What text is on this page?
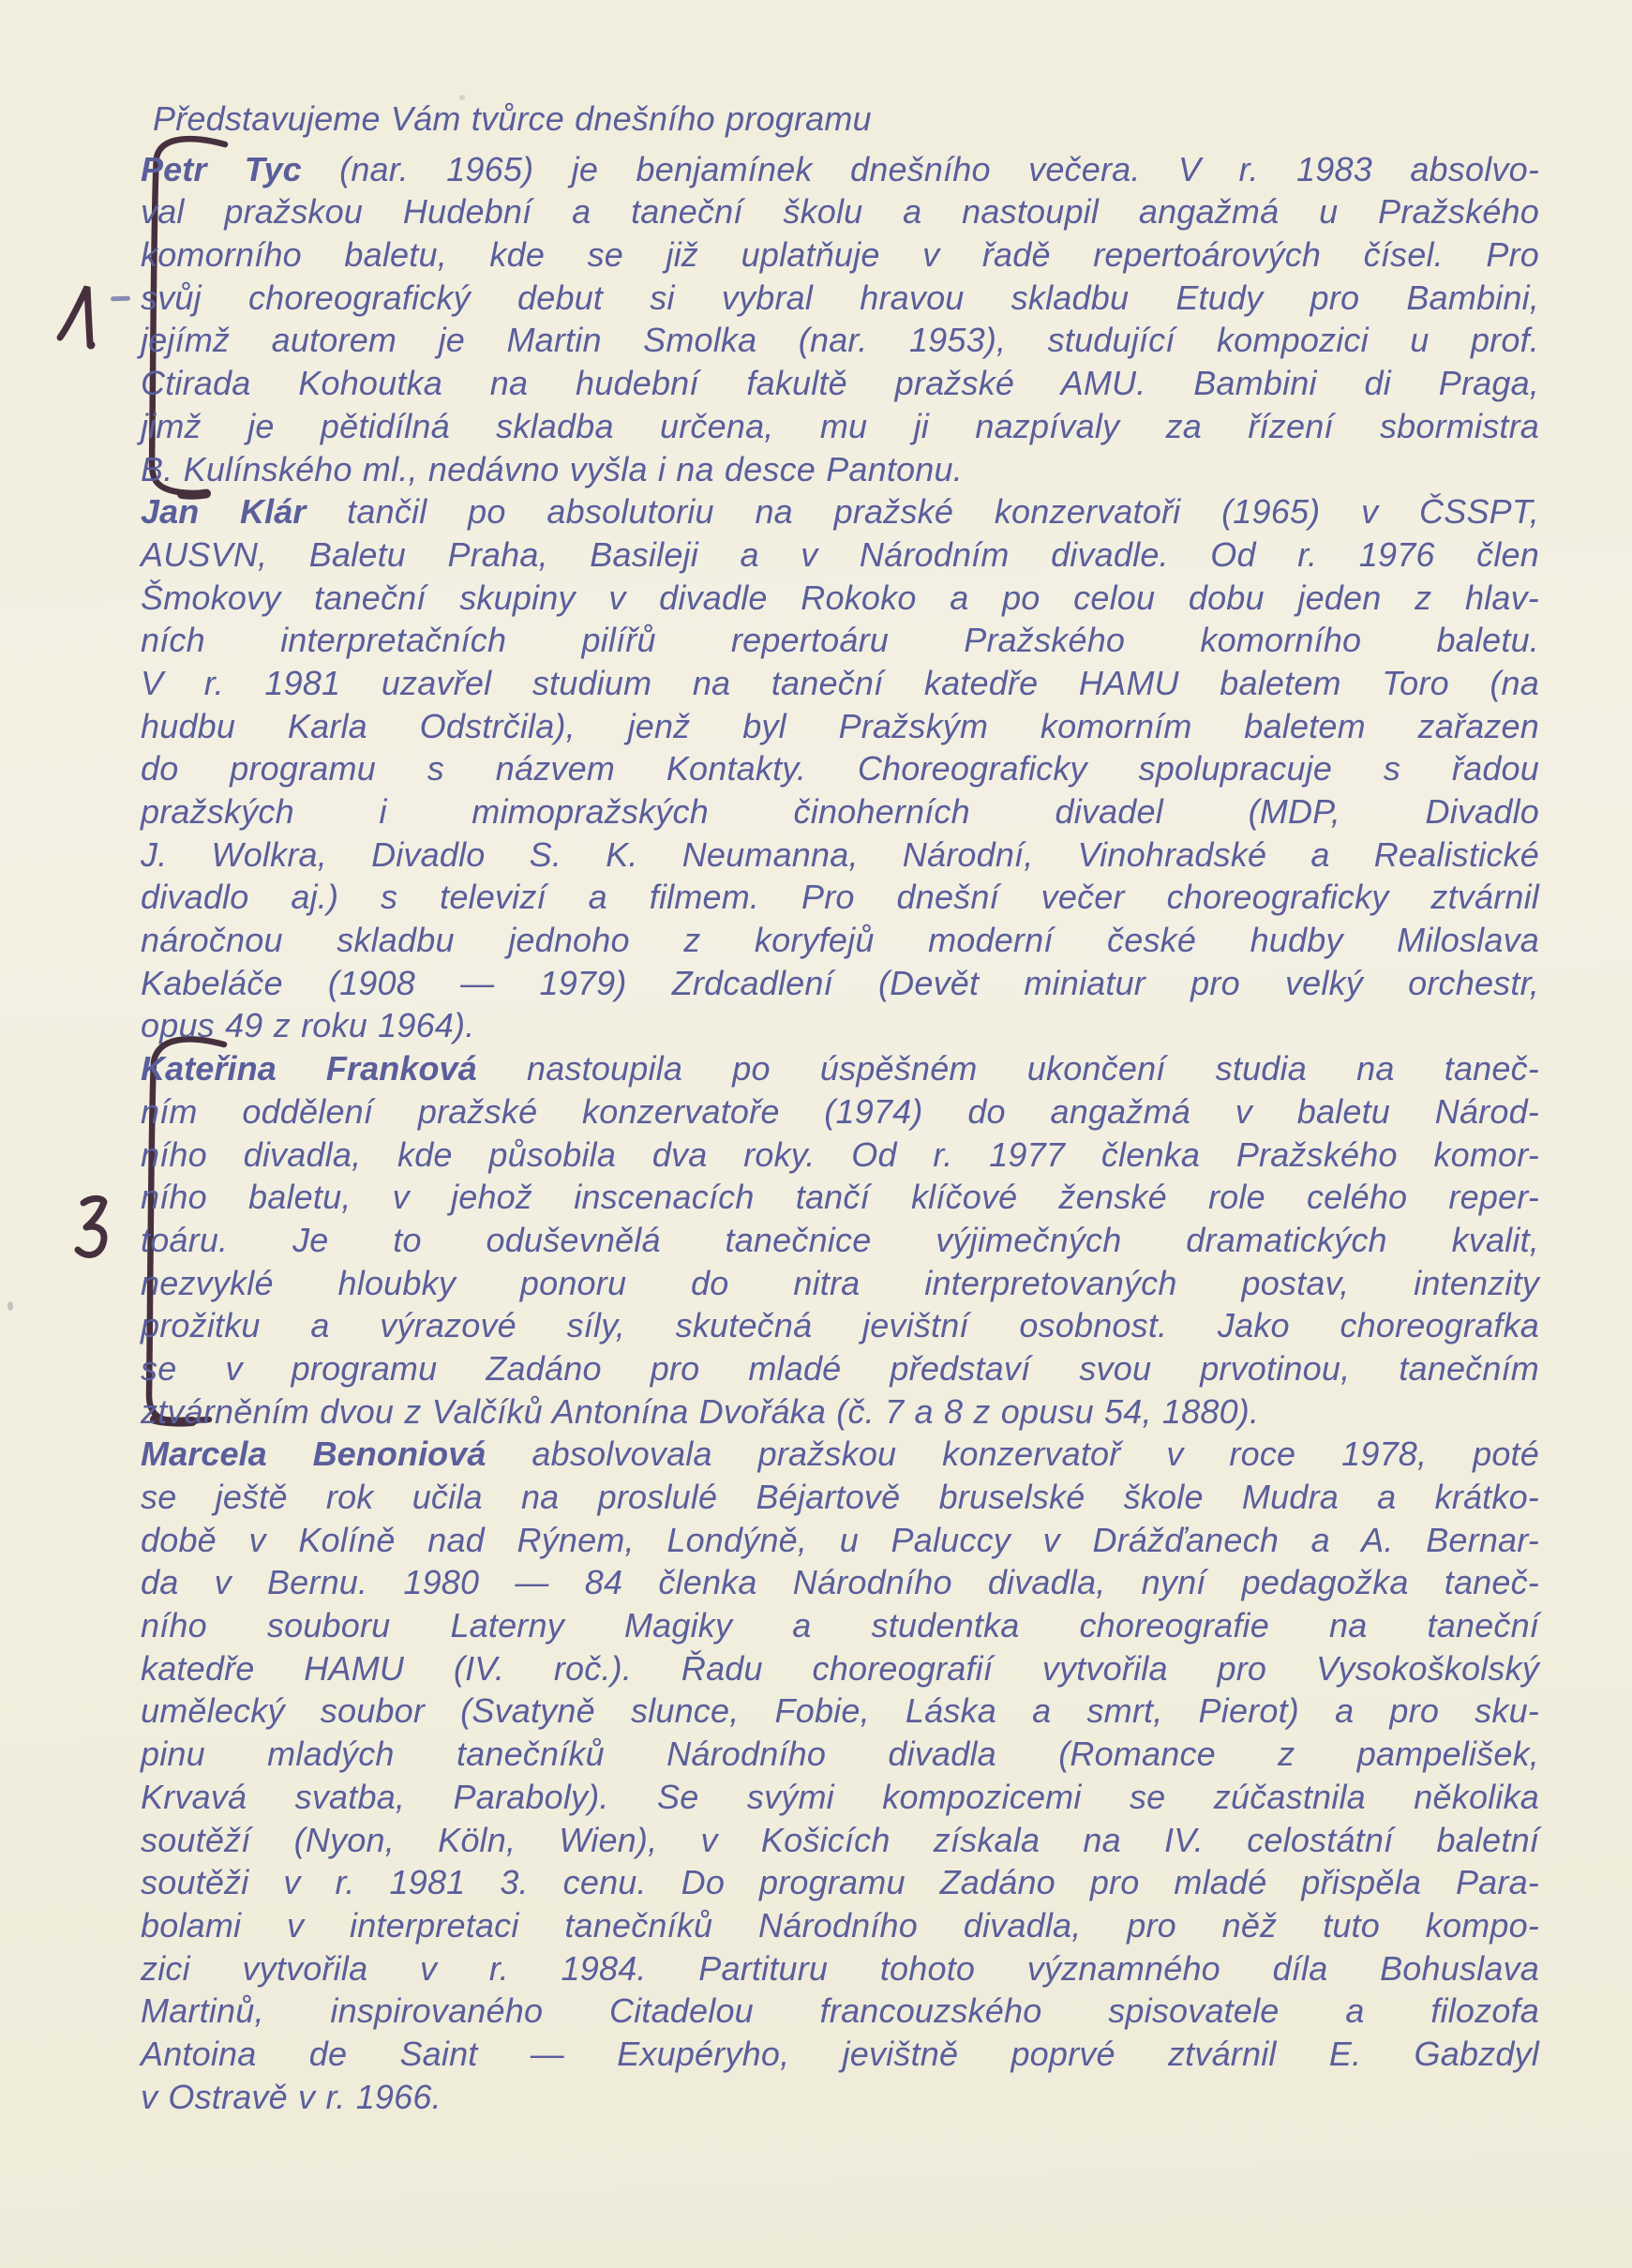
Představujeme Vám tvůrce dnešního programu
Petr Tyc (nar. 1965) je benjamínek dnešního večera. V r. 1983 absolvo-
val pražskou Hudební a taneční školu a nastoupil angažmá u Pražského
komorního baletu, kde se již uplatňuje v řadě repertoárových čísel. Pro
svůj choreografický debut si vybral hravou skladbu Etudy pro Bambini,
jejímž autorem je Martin Smolka (nar. 1953), studující kompozici u prof.
Ctirada Kohoutka na hudební fakultě pražské AMU. Bambini di Praga,
jimž je pětidílná skladba určena, mu ji nazpívaly za řízení sbormistra
B. Kulínského ml., nedávno vyšla i na desce Pantonu.
Jan Klár tančil po absolutoriu na pražské konzervatoři (1965) v ČSSPT,
AUSVN, Baletu Praha, Basileji a v Národním divadle. Od r. 1976 člen
Šmokovy taneční skupiny v divadle Rokoko a po celou dobu jeden z hlav-
ních interpretačních pilířů repertoáru Pražského komorního baletu.
V r. 1981 uzavřel studium na taneční katedře HAMU baletem Toro (na
hudbu Karla Odstrčila), jenž byl Pražským komorním baletem zařazen
do programu s názvem Kontakty. Choreograficky spolupracuje s řadou
pražských i mimopražských činoherních divadel (MDP, Divadlo
J. Wolkra, Divadlo S. K. Neumanna, Národní, Vinohradské a Realistické
divadlo aj.) s televizí a filmem. Pro dnešní večer choreograficky ztvárnil
náročnou skladbu jednoho z koryfejů moderní české hudby Miloslava
Kabeláče (1908 — 1979) Zrdcadlení (Devět miniatur pro velký orchestr,
opus 49 z roku 1964).
Kateřina Franková nastoupila po úspěšném ukončení studia na taneč-
ním oddělení pražské konzervatoře (1974) do angažmá v baletu Národ-
ního divadla, kde působila dva roky. Od r. 1977 členka Pražského komor-
ního baletu, v jehož inscenacích tančí klíčové ženské role celého reper-
toáru. Je to oduševnělá tanečnice výjimečných dramatických kvalit,
nezvyklé hloubky ponoru do nitra interpretovaných postav, intenzity
prožitku a výrazové síly, skutečná jevištní osobnost. Jako choreografka
se v programu Zadáno pro mladé představí svou prvotinou, tanečním
ztvárněním dvou z Valčíků Antonína Dvořáka (č. 7 a 8 z opusu 54, 1880).
Marcela Benoniová absolvovala pražskou konzervatoř v roce 1978, poté
se ještě rok učila na proslulé Béjartově bruselské škole Mudra a krátko-
době v Kolíně nad Rýnem, Londýně, u Paluccy v Drážďanech a A. Bernar-
da v Bernu. 1980 — 84 členka Národního divadla, nyní pedagožka taneč-
ního souboru Laterny Magiky a studentka choreografie na taneční
katedře HAMU (IV. roč.). Řadu choreografií vytvořila pro Vysokoškolský
umělecký soubor (Svatyně slunce, Fobie, Láska a smrt, Pierot) a pro sku-
pinu mladých tanečníků Národního divadla (Romance z pampelišek,
Krvavá svatba, Paraboly). Se svými kompozicemi se zúčastnila několika
soutěží (Nyon, Köln, Wien), v Košicích získala na IV. celostátní baletní
soutěži v r. 1981 3. cenu. Do programu Zadáno pro mladé přispěla Para-
bolami v interpretaci tanečníků Národního divadla, pro něž tuto kompo-
zici vytvořila v r. 1984. Partituru tohoto významného díla Bohuslava
Martinů, inspirovaného Citadelou francouzského spisovatele a filozofa
Antoina de Saint — Exupéryho, jevištně poprvé ztvárnil E. Gabzdyl
v Ostravě v r. 1966.
